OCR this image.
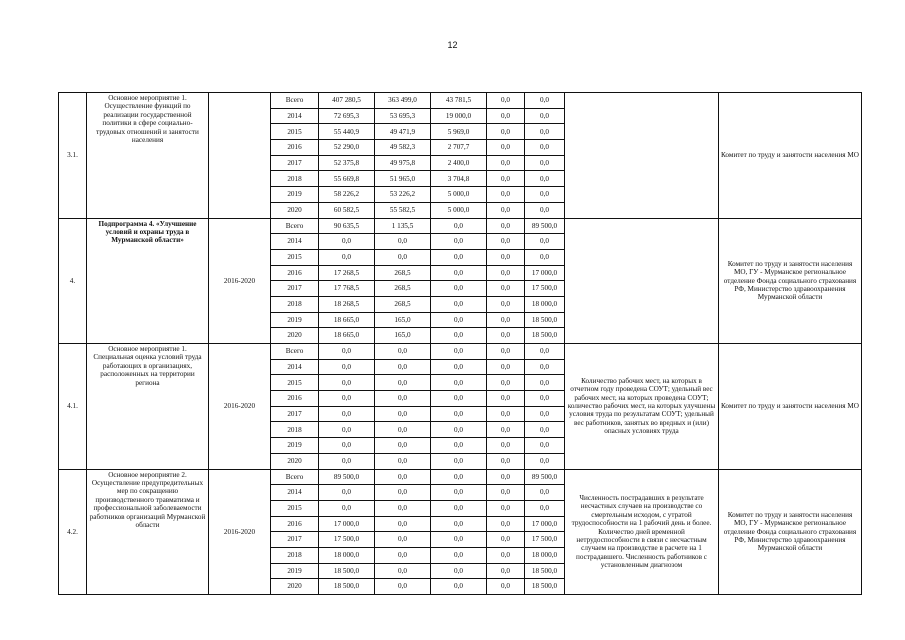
12
3.1.	Основное мероприятие 1. Осуществление функций по реализации государственной политики в сфере социально-трудовых отношений и занятости населения		Всего	407 280,5	363 499,0	43 781,5	0,0	0,0		Комитет по труду и занятости населения МО
			2014	72 695,3	53 695,3	19 000,0	0,0	0,0		
			2015	55 440,9	49 471,9	5 969,0	0,0	0,0		
			2016	52 290,0	49 582,3	2 707,7	0,0	0,0		
			2017	52 375,8	49 975,8	2 400,0	0,0	0,0		
			2018	55 669,8	51 965,0	3 704,8	0,0	0,0		
			2019	58 226,2	53 226,2	5 000,0	0,0	0,0		
			2020	60 582,5	55 582,5	5 000,0	0,0	0,0		
4.	Подпрограмма 4. «Улучшение условий и охраны труда в Мурманской области»	2016-2020	Всего	90 635,5	1 135,5	0,0	0,0	89 500,0		Комитет по труду и занятости населения МО, ГУ - Мурманское региональное отделение Фонда социального страхования РФ, Министерство здравоохранения Мурманской области
			2014	0,0	0,0	0,0	0,0	0,0		
			2015	0,0	0,0	0,0	0,0	0,0		
			2016	17 268,5	268,5	0,0	0,0	17 000,0		
			2017	17 768,5	268,5	0,0	0,0	17 500,0		
			2018	18 268,5	268,5	0,0	0,0	18 000,0		
			2019	18 665,0	165,0	0,0	0,0	18 500,0		
			2020	18 665,0	165,0	0,0	0,0	18 500,0		
4.1.	Основное мероприятие 1. Специальная оценка условий труда работающих в организациях, расположенных на территории региона	2016-2020	Всего	0,0	0,0	0,0	0,0	0,0	Количество рабочих мест, на которых в отчетном году проведена СОУТ; удельный вес рабочих мест, на которых проведена СОУТ; количество рабочих мест, на которых улучшены условия труда по результатам СОУТ; удельный вес работников, занятых во вредных и (или) опасных условиях труда	Комитет по труду и занятости населения МО
			2014	0,0	0,0	0,0	0,0	0,0		
			2015	0,0	0,0	0,0	0,0	0,0		
			2016	0,0	0,0	0,0	0,0	0,0		
			2017	0,0	0,0	0,0	0,0	0,0		
			2018	0,0	0,0	0,0	0,0	0,0		
			2019	0,0	0,0	0,0	0,0	0,0		
			2020	0,0	0,0	0,0	0,0	0,0		
4.2.	Основное мероприятие 2. Осуществление предупредительных мер по сокращению производственного травматизма и профессиональной заболеваемости работников организаций Мурманской области	2016-2020	Всего	89 500,0	0,0	0,0	0,0	89 500,0	Численность пострадавших в результате несчастных случаев на производстве со смертельным исходом, с утратой трудоспособности на 1 рабочий день и более. Количество дней временной нетрудоспособности в связи с несчастным случаем на производстве в расчете на 1 пострадавшего. Численность работников с установленным диагнозом	Комитет по труду и занятости населения МО, ГУ - Мурманское региональное отделение Фонда социального страхования РФ, Министерство здравоохранения Мурманской области
			2014	0,0	0,0	0,0	0,0	0,0		
			2015	0,0	0,0	0,0	0,0	0,0		
			2016	17 000,0	0,0	0,0	0,0	17 000,0		
			2017	17 500,0	0,0	0,0	0,0	17 500,0		
			2018	18 000,0	0,0	0,0	0,0	18 000,0		
			2019	18 500,0	0,0	0,0	0,0	18 500,0		
			2020	18 500,0	0,0	0,0	0,0	18 500,0		
